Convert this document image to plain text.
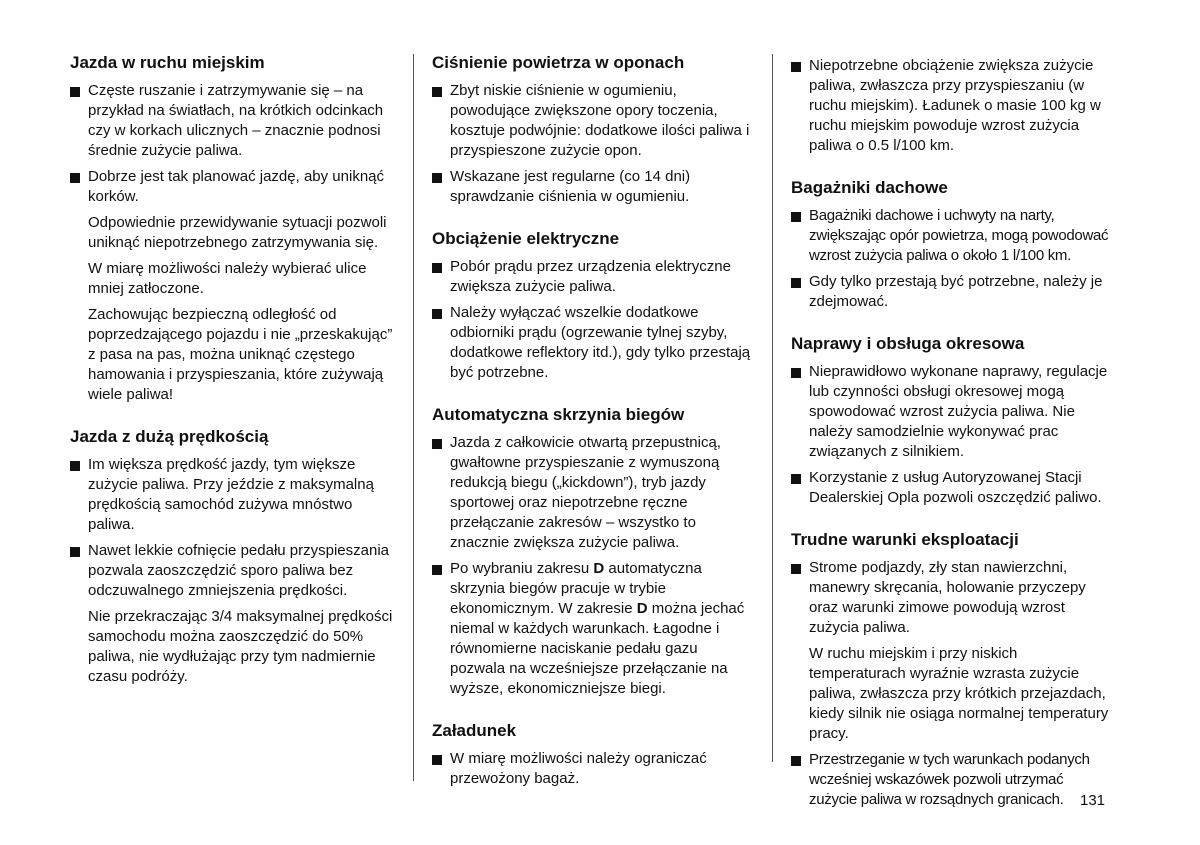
Jazda w ruchu miejskim
Częste ruszanie i zatrzymywanie się – na przykład na światłach, na krótkich odcinkach czy w korkach ulicznych – znacznie podnosi średnie zużycie paliwa.
Dobrze jest tak planować jazdę, aby uniknąć korków.
Odpowiednie przewidywanie sytuacji pozwoli uniknąć niepotrzebnego zatrzymywania się.
W miarę możliwości należy wybierać ulice mniej zatłoczone.
Zachowując bezpieczną odległość od poprzedzającego pojazdu i nie „przeskakując” z pasa na pas, można uniknąć częstego hamowania i przyspieszania, które zużywają wiele paliwa!
Jazda z dużą prędkością
Im większa prędkość jazdy, tym większe zużycie paliwa. Przy jeździe z maksymalną prędkością samochód zużywa mnóstwo paliwa.
Nawet lekkie cofnięcie pedału przyspieszania pozwala zaoszczędzić sporo paliwa bez odczuwalnego zmniejszenia prędkości.
Nie przekraczając 3/4 maksymalnej prędkości samochodu można zaoszczędzić do 50% paliwa, nie wydłużając przy tym nadmiernie czasu podróży.
Ciśnienie powietrza w oponach
Zbyt niskie ciśnienie w ogumieniu, powodujące zwiększone opory toczenia, kosztuje podwójnie: dodatkowe ilości paliwa i przyspieszone zużycie opon.
Wskazane jest regularne (co 14 dni) sprawdzanie ciśnienia w ogumieniu.
Obciążenie elektryczne
Pobór prądu przez urządzenia elektryczne zwiększa zużycie paliwa.
Należy wyłączać wszelkie dodatkowe odbiorniki prądu (ogrzewanie tylnej szyby, dodatkowe reflektory itd.), gdy tylko przestają być potrzebne.
Automatyczna skrzynia biegów
Jazda z całkowicie otwartą przepustnicą, gwałtowne przyspieszanie z wymuszoną redukcją biegu („kickdown”), tryb jazdy sportowej oraz niepotrzebne ręczne przełączanie zakresów – wszystko to znacznie zwiększa zużycie paliwa.
Po wybraniu zakresu D automatyczna skrzynia biegów pracuje w trybie ekonomicznym. W zakresie D można jechać niemal w każdych warunkach. Łagodne i równomierne naciskanie pedału gazu pozwala na wcześniejsze przełączanie na wyższe, ekonomiczniejsze biegi.
Załadunek
W miarę możliwości należy ograniczać przewożony bagaż.
Niepotrzebne obciążenie zwiększa zużycie paliwa, zwłaszcza przy przyspieszaniu (w ruchu miejskim). Ładunek o masie 100 kg w ruchu miejskim powoduje wzrost zużycia paliwa o 0.5 l/100 km.
Bagażniki dachowe
Bagażniki dachowe i uchwyty na narty, zwiększając opór powietrza, mogą powodować wzrost zużycia paliwa o około 1 l/100 km.
Gdy tylko przestają być potrzebne, należy je zdejmować.
Naprawy i obsługa okresowa
Nieprawidłowo wykonane naprawy, regulacje lub czynności obsługi okresowej mogą spowodować wzrost zużycia paliwa. Nie należy samodzielnie wykonywać prac związanych z silnikiem.
Korzystanie z usług Autoryzowanej Stacji Dealerskiej Opla pozwoli oszczędzić paliwo.
Trudne warunki eksploatacji
Strome podjazdy, zły stan nawierzchni, manewry skręcania, holowanie przyczepy oraz warunki zimowe powodują wzrost zużycia paliwa.
W ruchu miejskim i przy niskich temperaturach wyraźnie wzrasta zużycie paliwa, zwłaszcza przy krótkich przejazdach, kiedy silnik nie osiąga normalnej temperatury pracy.
Przestrzeganie w tych warunkach podanych wcześniej wskazówek pozwoli utrzymać zużycie paliwa w rozsądnych granicach.	131
